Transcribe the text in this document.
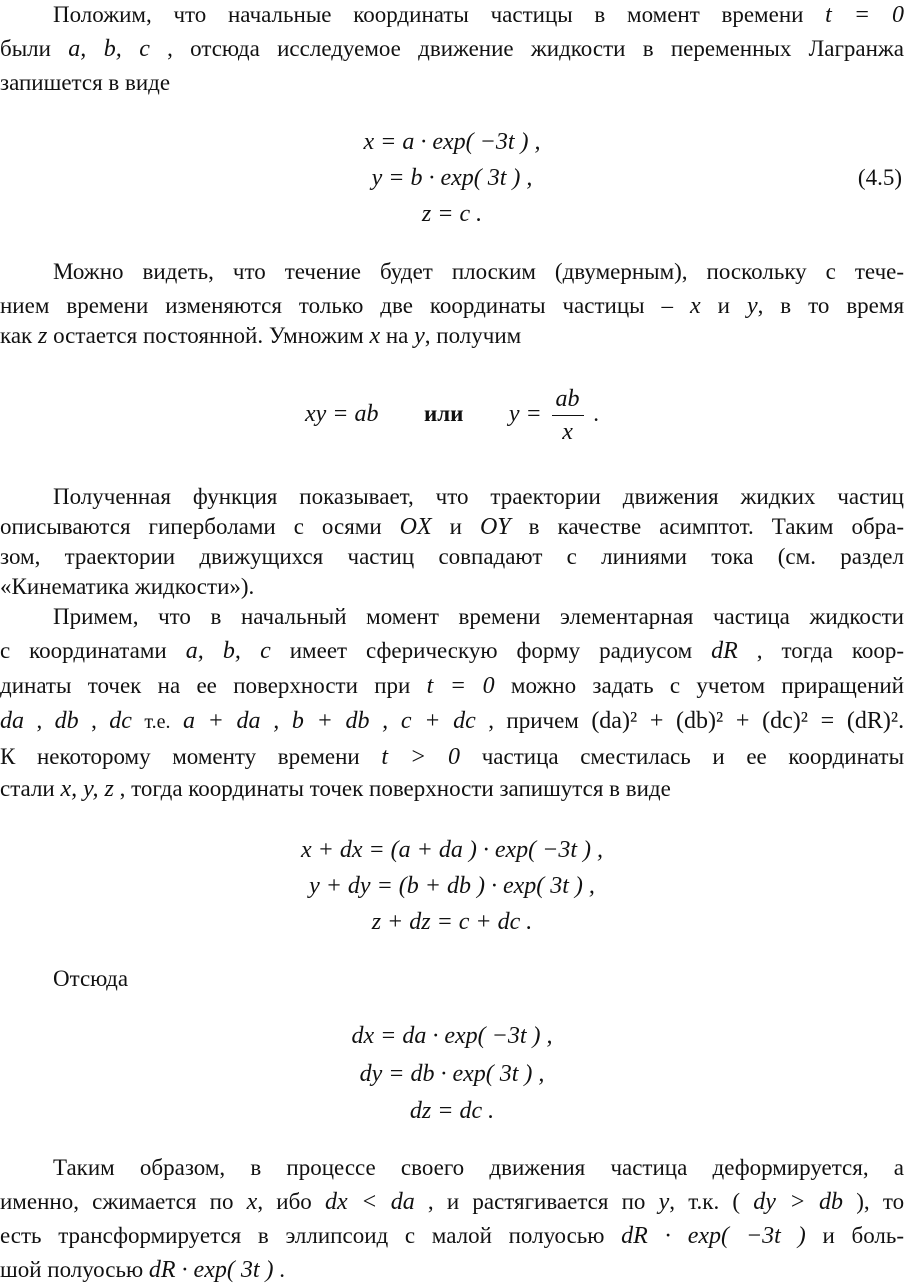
Положим, что начальные координаты частицы в момент времени t = 0
были a, b, c , отсюда исследуемое движение жидкости в переменных Лагранжа
запишется в виде
x = a · exp( −3t ) ,
y = b · exp( 3t ) ,	(4.5)
z = c .
Можно видеть, что течение будет плоским (двумерным), поскольку с тече-
нием времени изменяются только две координаты частицы – x и y, в то время
как z остается постоянной. Умножим x на y, получим
xy = ab или $y = \frac{ab}{x}$ .
Полученная функция показывает, что траектории движения жидких частиц
описываются гиперболами с осями OX и OY в качестве асимптот. Таким обра-
зом, траектории движущихся частиц совпадают с линиями тока (см. раздел
«Кинематика жидкости»).
Примем, что в начальный момент времени элементарная частица жидкости
с координатами a, b, c имеет сферическую форму радиусом dR , тогда коор-
динаты точек на ее поверхности при t = 0 можно задать с учетом приращений
da , db , dc т.е. a + da , b + db , c + dc , причем (da)² + (db)² + (dc)² = (dR)².
К некоторому моменту времени t > 0 частица сместилась и ее координаты
стали x, y, z , тогда координаты точек поверхности запишутся в виде
x + dx = (a + da ) · exp( −3t ) ,
y + dy = (b + db ) · exp( 3t ) ,
z + dz = c + dc .
Отсюда
dx = da · exp( −3t ) ,
dy = db · exp( 3t ) ,
dz = dc .
Таким образом, в процессе своего движения частица деформируется, а
именно, сжимается по x, ибо dx < da , и растягивается по y, т.к. ( dy > db ), то
есть трансформируется в эллипсоид с малой полуосью dR · exp( −3t ) и боль-
шой полуосью dR · exp( 3t ) .
